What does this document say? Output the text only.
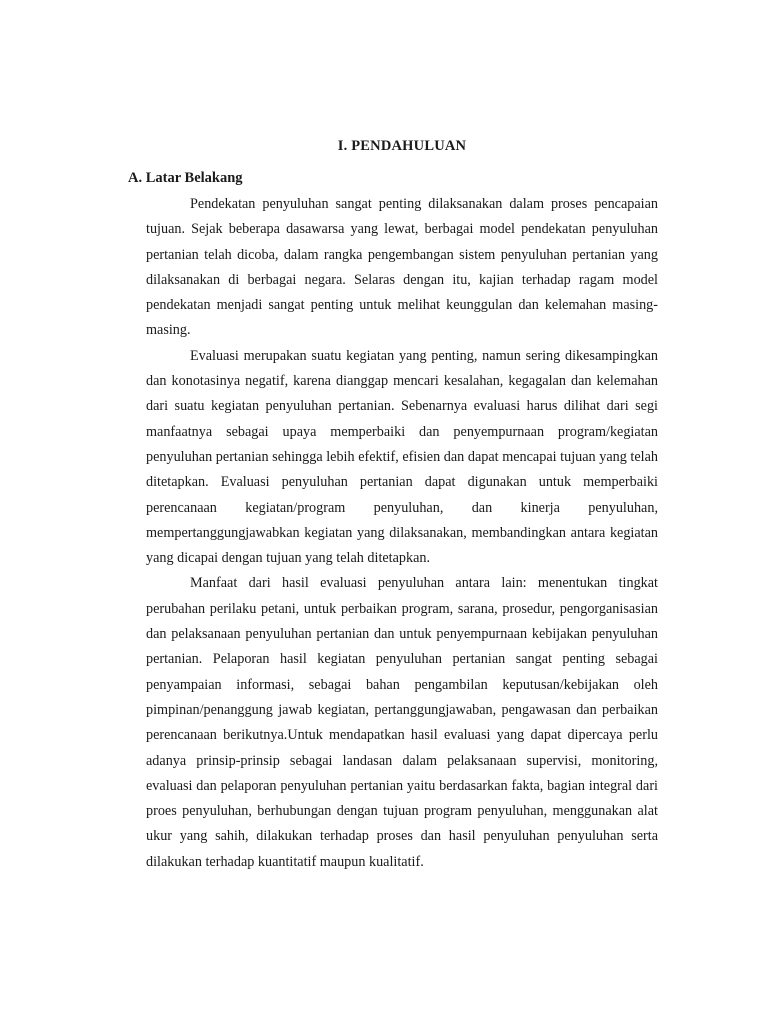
I. PENDAHULUAN
A. Latar Belakang

Pendekatan penyuluhan sangat penting dilaksanakan dalam proses pencapaian tujuan. Sejak beberapa dasawarsa yang lewat, berbagai model pendekatan penyuluhan pertanian telah dicoba, dalam rangka pengembangan sistem penyuluhan pertanian yang dilaksanakan di berbagai negara. Selaras dengan itu, kajian terhadap ragam model pendekatan menjadi sangat penting untuk melihat keunggulan dan kelemahan masing-masing.

Evaluasi merupakan suatu kegiatan yang penting, namun sering dikesampingkan dan konotasinya negatif, karena dianggap mencari kesalahan, kegagalan dan kelemahan dari suatu kegiatan penyuluhan pertanian. Sebenarnya evaluasi harus dilihat dari segi manfaatnya sebagai upaya memperbaiki dan penyempurnaan program/kegiatan penyuluhan pertanian sehingga lebih efektif, efisien dan dapat mencapai tujuan yang telah ditetapkan. Evaluasi penyuluhan pertanian dapat digunakan untuk memperbaiki perencanaan kegiatan/program penyuluhan, dan kinerja penyuluhan, mempertanggungjawabkan kegiatan yang dilaksanakan, membandingkan antara kegiatan yang dicapai dengan tujuan yang telah ditetapkan.

Manfaat dari hasil evaluasi penyuluhan antara lain: menentukan tingkat perubahan perilaku petani, untuk perbaikan program, sarana, prosedur, pengorganisasian dan pelaksanaan penyuluhan pertanian dan untuk penyempurnaan kebijakan penyuluhan pertanian. Pelaporan hasil kegiatan penyuluhan pertanian sangat penting sebagai penyampaian informasi, sebagai bahan pengambilan keputusan/kebijakan oleh pimpinan/penanggung jawab kegiatan, pertanggungjawaban, pengawasan dan perbaikan perencanaan berikutnya.Untuk mendapatkan hasil evaluasi yang dapat dipercaya perlu adanya prinsip-prinsip sebagai landasan dalam pelaksanaan supervisi, monitoring, evaluasi dan pelaporan penyuluhan pertanian yaitu berdasarkan fakta, bagian integral dari proes penyuluhan, berhubungan dengan tujuan program penyuluhan, menggunakan alat ukur yang sahih, dilakukan terhadap proses dan hasil penyuluhan penyuluhan serta dilakukan terhadap kuantitatif maupun kualitatif.
